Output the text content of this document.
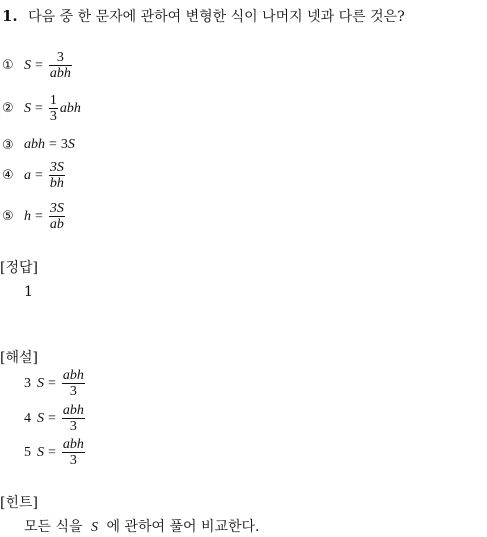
1. 다음 중 한 문자에 관하여 변형한 식이 나머지 넷과 다른 것은?
① $S = \frac{3}{\text{abh}}$
② $S = \frac{1}{3}$ abh
③ abh = 3 S
④ $a = \frac{3S}{bh}$
⑤ $h = \frac{3S}{ab}$
[정답]
1
[해설]
3 $S = \frac{\text{abh}}{3}$
4 $S = \frac{\text{abh}}{3}$
5 $S = \frac{\text{abh}}{3}$
[힌트]
모든 식을 S 에 관하여 풀어 비교한다.
